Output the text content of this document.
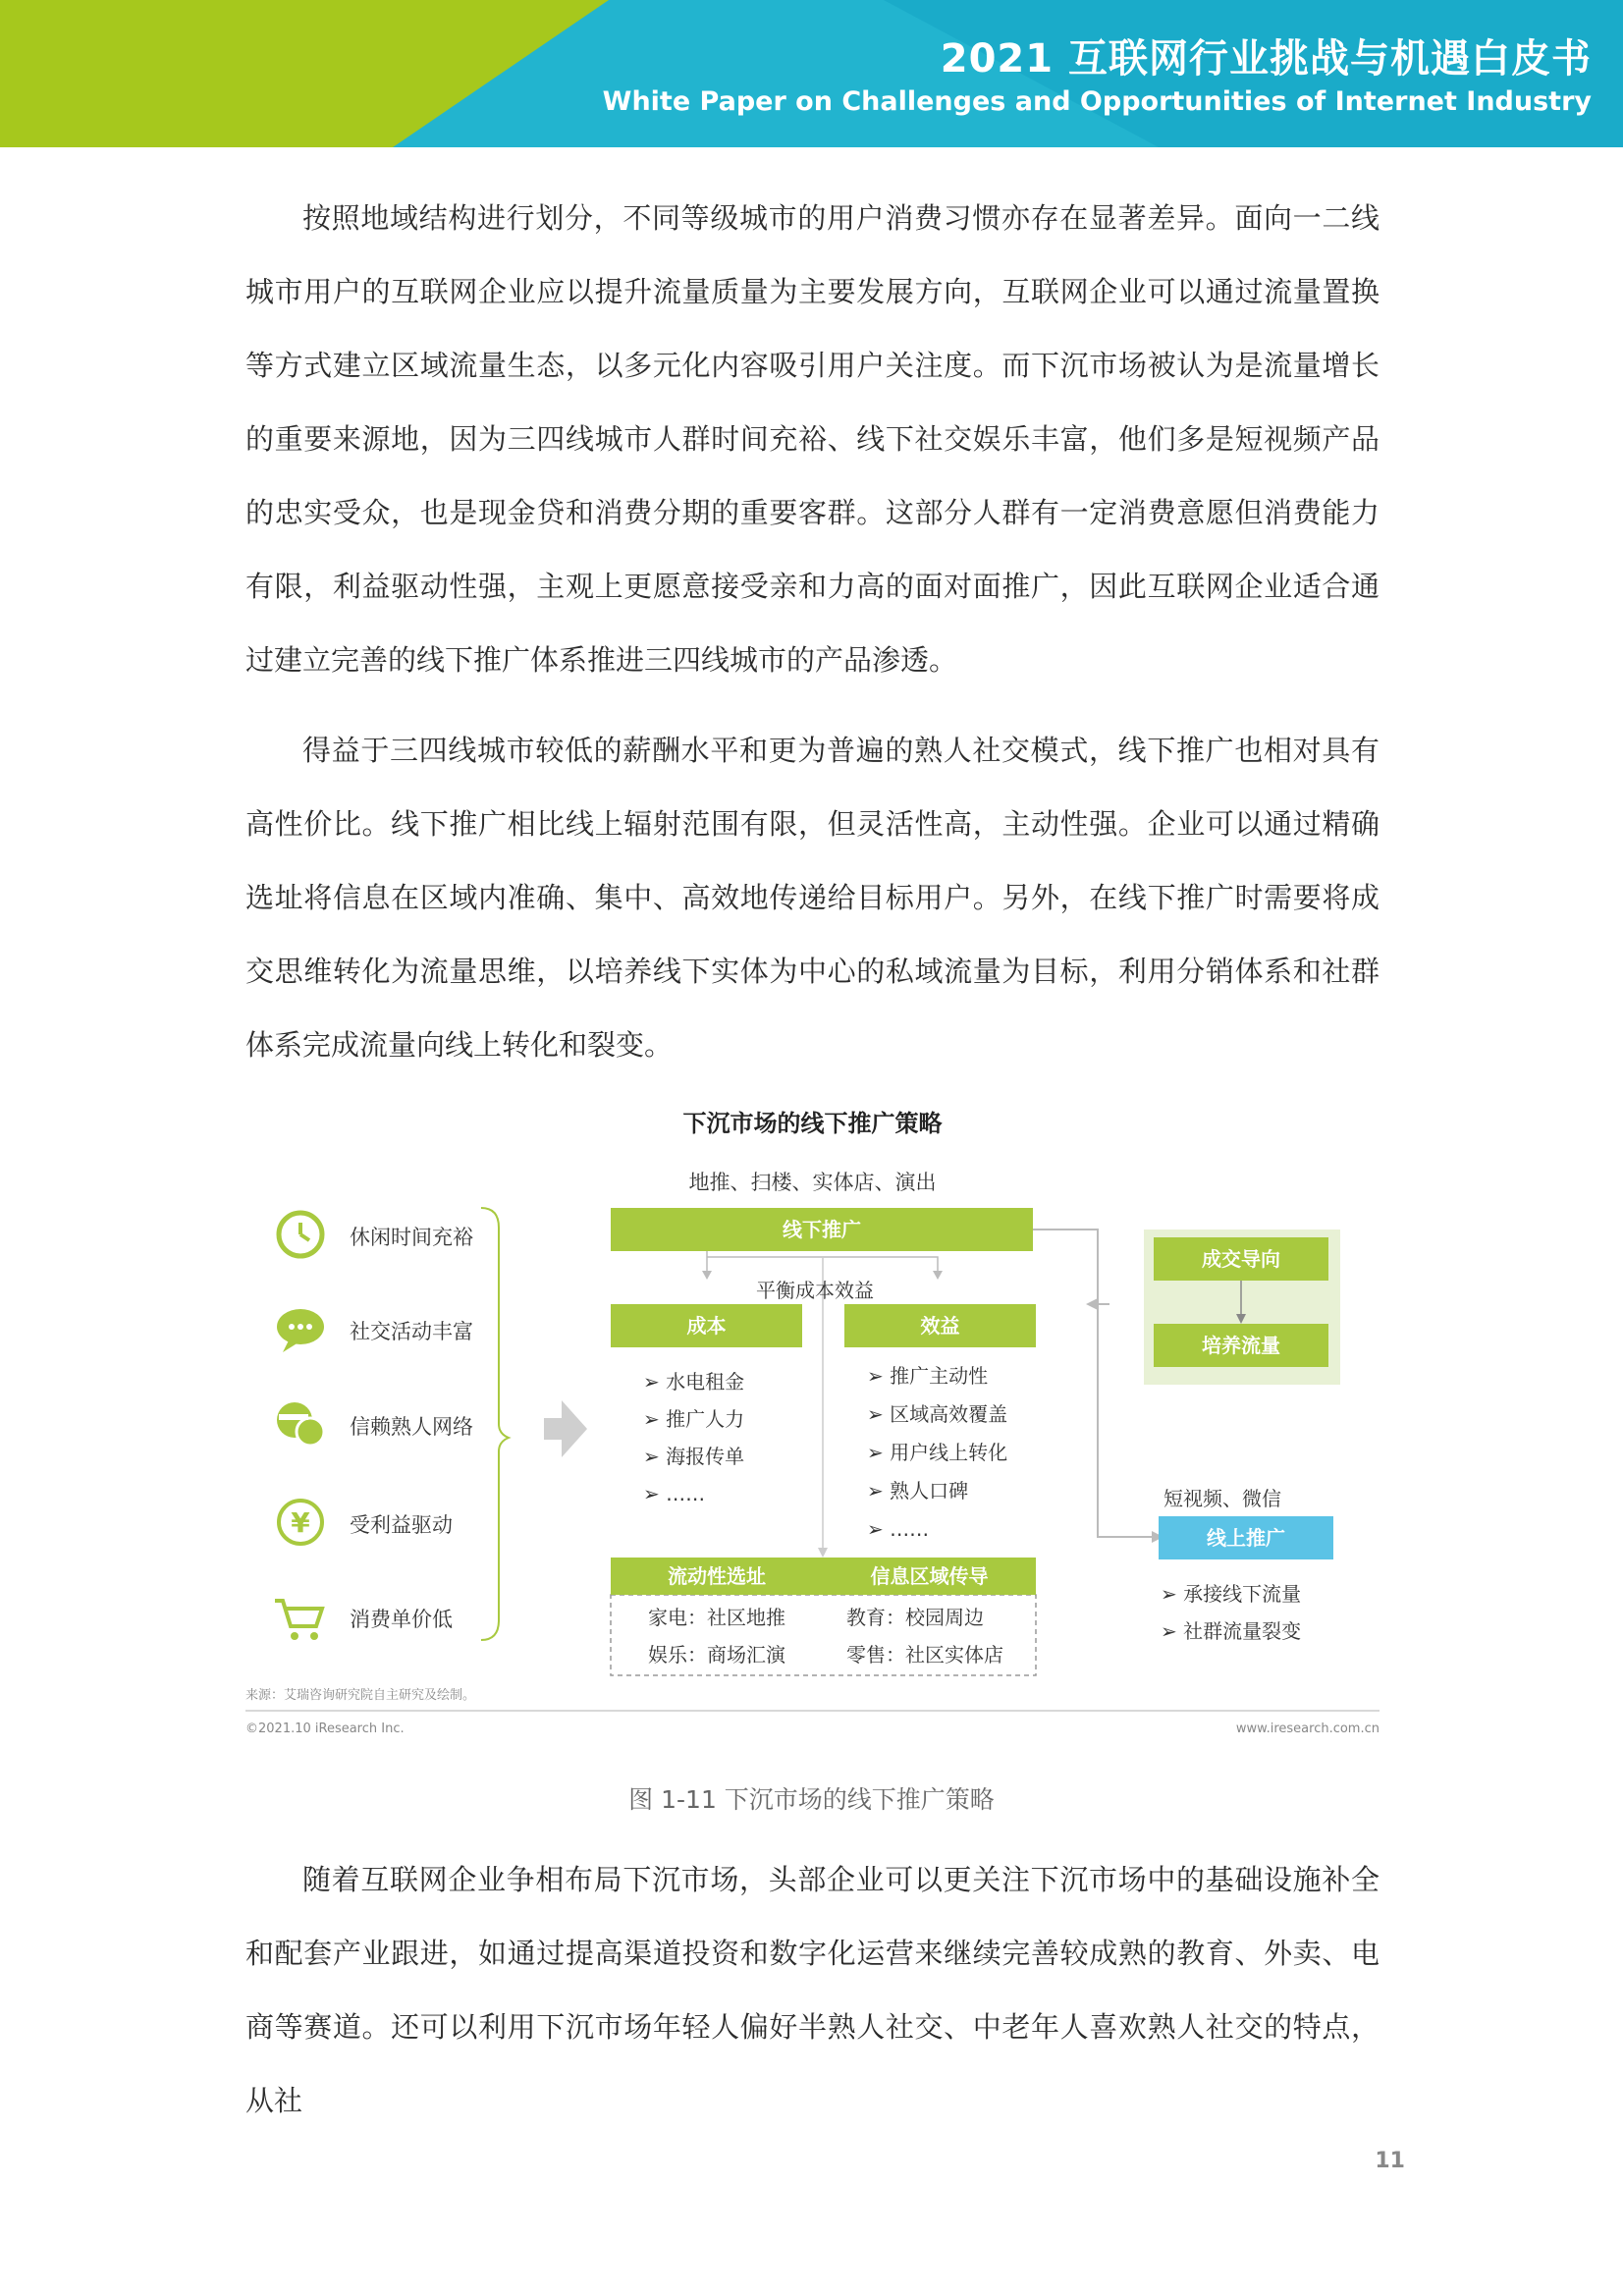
2021 互联网行业挑战与机遇白皮书
White Paper on Challenges and Opportunities of Internet Industry

按照地域结构进行划分，不同等级城市的用户消费习惯亦存在显著差异。面向一二线城市用户的互联网企业应以提升流量质量为主要发展方向，互联网企业可以通过流量置换等方式建立区域流量生态，以多元化内容吸引用户关注度。而下沉市场被认为是流量增长的重要来源地，因为三四线城市人群时间充裕、线下社交娱乐丰富，他们多是短视频产品的忠实受众，也是现金贷和消费分期的重要客群。这部分人群有一定消费意愿但消费能力有限，利益驱动性强，主观上更愿意接受亲和力高的面对面推广，因此互联网企业适合通过建立完善的线下推广体系推进三四线城市的产品渗透。

得益于三四线城市较低的薪酬水平和更为普遍的熟人社交模式，线下推广也相对具有高性价比。线下推广相比线上辐射范围有限，但灵活性高，主动性强。企业可以通过精确选址将信息在区域内准确、集中、高效地传递给目标用户。另外，在线下推广时需要将成交思维转化为流量思维，以培养线下实体为中心的私域流量为目标，利用分销体系和社群体系完成流量向线上转化和裂变。

¥
下沉市场的线下推广策略
地推、扫楼、实体店、演出
休闲时间充裕
社交活动丰富
信赖熟人网络
受利益驱动
消费单价低
线下推广
平衡成本效益
成本	效益
➢ 水电租金
➢ 推广人力
➢ 海报传单
➢ ……
➢ 推广主动性
➢ 区域高效覆盖
➢ 用户线上转化
➢ 熟人口碑
➢ ……
流动性选址	信息区域传导
家电：社区地推
娱乐：商场汇演
教育：校园周边
零售：社区实体店
成交导向
培养流量
短视频、微信
线上推广
➢ 承接线下流量
➢ 社群流量裂变
来源：艾瑞咨询研究院自主研究及绘制。
©2021.10 iResearch Inc.	www.iresearch.com.cn
图 1-11 下沉市场的线下推广策略

随着互联网企业争相布局下沉市场，头部企业可以更关注下沉市场中的基础设施补全和配套产业跟进，如通过提高渠道投资和数字化运营来继续完善较成熟的教育、外卖、电商等赛道。还可以利用下沉市场年轻人偏好半熟人社交、中老年人喜欢熟人社交的特点，从社

11
